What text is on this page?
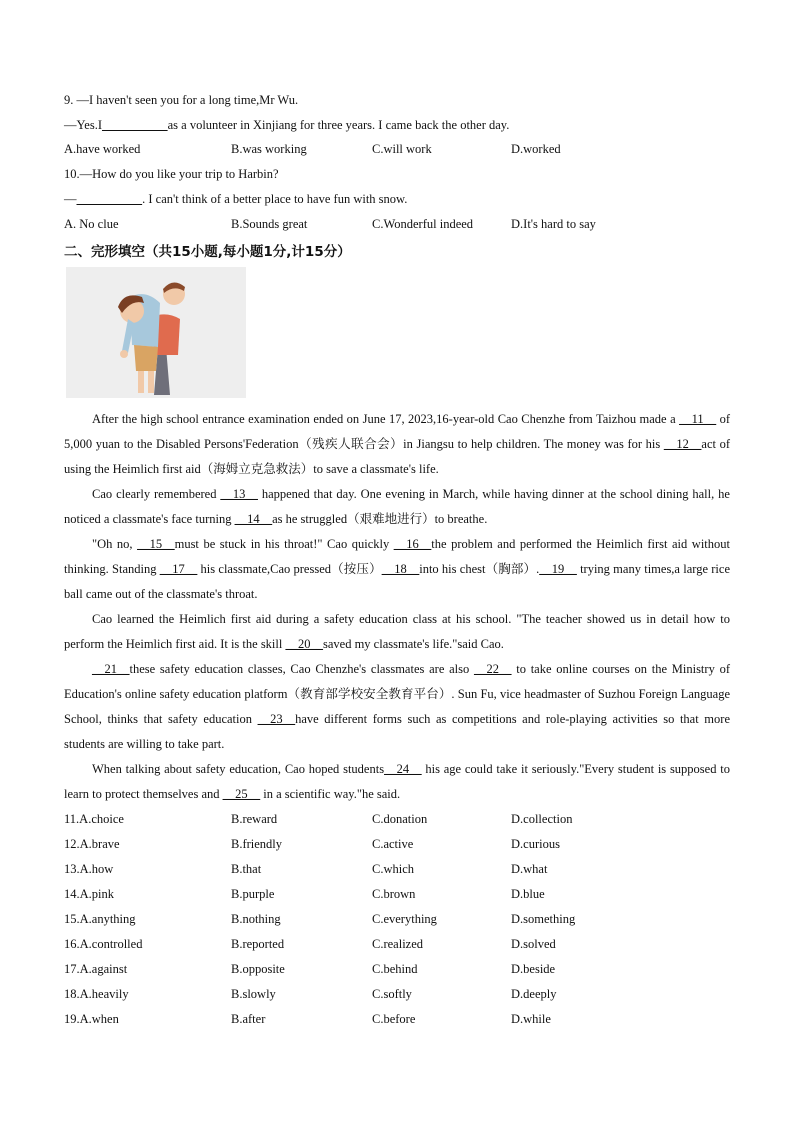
9. —I haven't seen you for a long time,Mr Wu.
—Yes.I	as a volunteer in Xinjiang for three years. I came back the other day.
A.have worked	B.was working	C.will work	D.worked
10.—How do you like your trip to Harbin?
—	. I can't think of a better place to have fun with snow.
A. No clue	B.Sounds great	C.Wonderful indeed	D.It's hard to say
二、完形填空（共15小题,每小题1分,计15分）

After the high school entrance examination ended on June 17, 2023,16-year-old Cao Chenzhe from Taizhou made a __11__ of 5,000 yuan to the Disabled Persons'Federation（残疾人联合会）in Jiangsu to help children. The money was for his __12__act of using the Heimlich first aid（海姆立克急救法）to save a classmate's life.

Cao clearly remembered __13__ happened that day. One evening in March, while having dinner at the school dining hall, he noticed a classmate's face turning __14__as he struggled（艰难地进行）to breathe.

"Oh no, __15__must be stuck in his throat!" Cao quickly __16__the problem and performed the Heimlich first aid without thinking. Standing __17__ his classmate,Cao pressed（按压）__18__into his chest（胸部）.__19__ trying many times,a large rice ball came out of the classmate's throat.

Cao learned the Heimlich first aid during a safety education class at his school. "The teacher showed us in detail how to perform the Heimlich first aid. It is the skill __20__saved my classmate's life."said Cao.

__21__these safety education classes, Cao Chenzhe's classmates are also __22__ to take online courses on the Ministry of Education's online safety education platform（教育部学校安全教育平台）. Sun Fu, vice headmaster of Suzhou Foreign Language School, thinks that safety education __23__have different forms such as competitions and role-playing activities so that more students are willing to take part.

When talking about safety education, Cao hoped students__24__ his age could take it seriously."Every student is supposed to learn to protect themselves and __25__ in a scientific way."he said.

11.A.choice	B.reward	C.donation	D.collection
12.A.brave	B.friendly	C.active	D.curious
13.A.how	B.that	C.which	D.what
14.A.pink	B.purple	C.brown	D.blue
15.A.anything	B.nothing	C.everything	D.something
16.A.controlled	B.reported	C.realized	D.solved
17.A.against	B.opposite	C.behind	D.beside
18.A.heavily	B.slowly	C.softly	D.deeply
19.A.when	B.after	C.before	D.while
